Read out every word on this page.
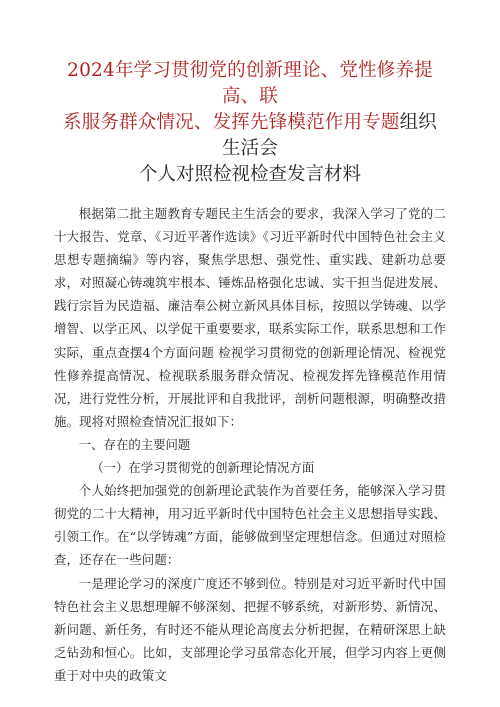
2024年学习贯彻党的创新理论、党性修养提高、联
系服务群众情况、发挥先锋模范作用专题组织生活会
个人对照检视检查发言材料

根据第二批主题教育专题民主生活会的要求，我深入学习了党的二十大报告、党章、《习近平著作选读》《习近平新时代中国特色社会主义思想专题摘编》等内容，聚焦学思想、强党性、重实践、建新功总要求，对照凝心铸魂筑牢根本、锤炼品格强化忠诚、实干担当促进发展、践行宗旨为民造福、廉洁奉公树立新风具体目标，按照以学铸魂、以学增智、以学正风、以学促干重要要求，联系实际工作，联系思想和工作实际，重点查摆4个方面问题 检视学习贯彻党的创新理论情况、检视党性修养提高情况、检视联系服务群众情况、检视发挥先锋模范作用情况，进行党性分析，开展批评和自我批评，剖析问题根源，明确整改措施。现将对照检查情况汇报如下：

一、存在的主要问题

（一）在学习贯彻党的创新理论情况方面

个人始终把加强党的创新理论武装作为首要任务，能够深入学习贯彻党的二十大精神，用习近平新时代中国特色社会主义思想指导实践、引领工作。在“以学铸魂”方面，能够做到坚定理想信念。但通过对照检查，还存在一些问题：

一是理论学习的深度广度还不够到位。特别是对习近平新时代中国特色社会主义思想理解不够深刻、把握不够系统，对新形势、新情况、新问题、新任务，有时还不能从理论高度去分析把握，在精研深思上缺乏钻劲和恒心。比如，支部理论学习虽常态化开展，但学习内容上更侧重于对中央的政策文
